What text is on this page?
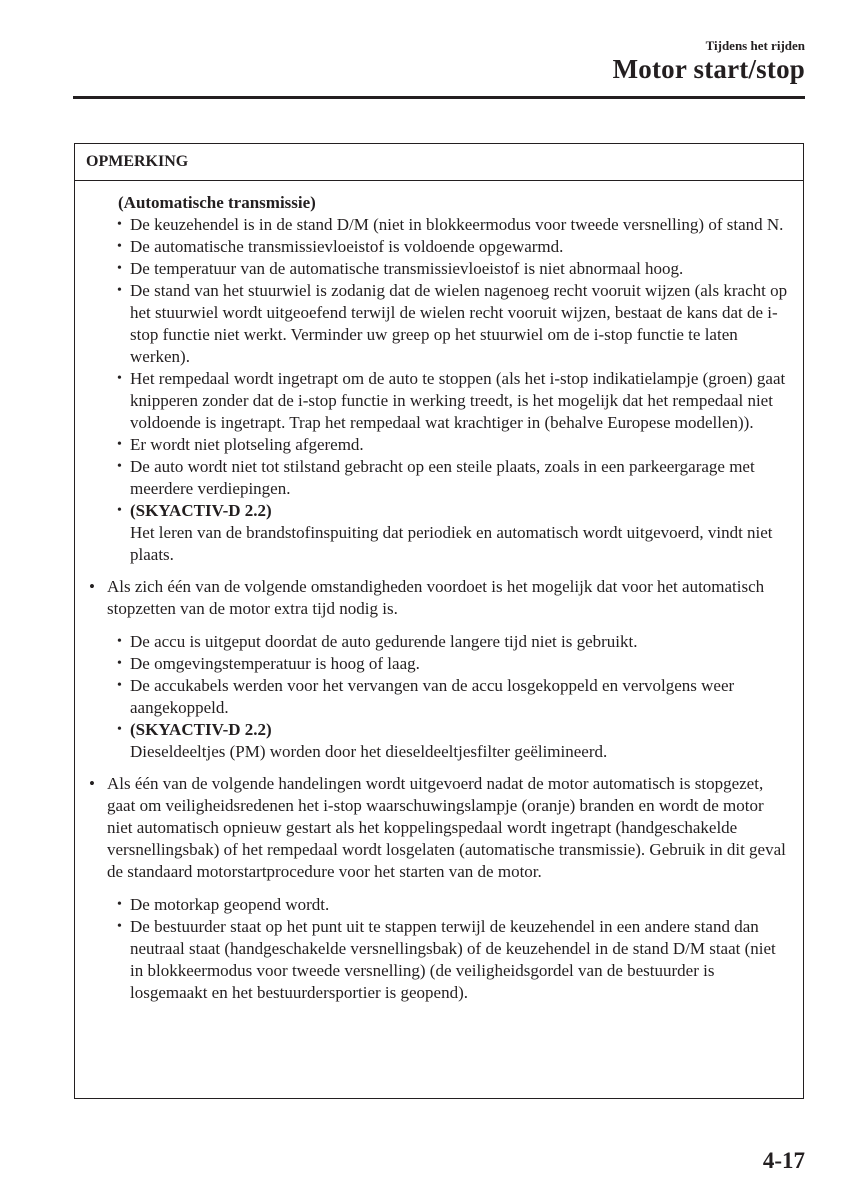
Tijdens het rijden
Motor start/stop
OPMERKING
(Automatische transmissie)
• De keuzehendel is in de stand D/M (niet in blokkeermodus voor tweede versnelling) of stand N.
• De automatische transmissievloeistof is voldoende opgewarmd.
• De temperatuur van de automatische transmissievloeistof is niet abnormaal hoog.
• De stand van het stuurwiel is zodanig dat de wielen nagenoeg recht vooruit wijzen (als kracht op het stuurwiel wordt uitgeoefend terwijl de wielen recht vooruit wijzen, bestaat de kans dat de i-stop functie niet werkt. Verminder uw greep op het stuurwiel om de i-stop functie te laten werken).
• Het rempedaal wordt ingetrapt om de auto te stoppen (als het i-stop indikatielampje (groen) gaat knipperen zonder dat de i-stop functie in werking treedt, is het mogelijk dat het rempedaal niet voldoende is ingetrapt. Trap het rempedaal wat krachtiger in (behalve Europese modellen)).
• Er wordt niet plotseling afgeremd.
• De auto wordt niet tot stilstand gebracht op een steile plaats, zoals in een parkeergarage met meerdere verdiepingen.
• (SKYACTIV-D 2.2)
Het leren van de brandstofinspuiting dat periodiek en automatisch wordt uitgevoerd, vindt niet plaats.
• Als zich één van de volgende omstandigheden voordoet is het mogelijk dat voor het automatisch stopzetten van de motor extra tijd nodig is.
• De accu is uitgeput doordat de auto gedurende langere tijd niet is gebruikt.
• De omgevingstemperatuur is hoog of laag.
• De accukabels werden voor het vervangen van de accu losgekoppeld en vervolgens weer aangekoppeld.
• (SKYACTIV-D 2.2)
Dieseldeeltjes (PM) worden door het dieseldeeltjesfilter geëlimineerd.
• Als één van de volgende handelingen wordt uitgevoerd nadat de motor automatisch is stopgezet, gaat om veiligheidsredenen het i-stop waarschuwingslampje (oranje) branden en wordt de motor niet automatisch opnieuw gestart als het koppelingspedaal wordt ingetrapt (handgeschakelde versnellingsbak) of het rempedaal wordt losgelaten (automatische transmissie). Gebruik in dit geval de standaard motorstartprocedure voor het starten van de motor.
• De motorkap geopend wordt.
• De bestuurder staat op het punt uit te stappen terwijl de keuzehendel in een andere stand dan neutraal staat (handgeschakelde versnellingsbak) of de keuzehendel in de stand D/M staat (niet in blokkeermodus voor tweede versnelling) (de veiligheidsgordel van de bestuurder is losgemaakt en het bestuurdersportier is geopend).
4-17
